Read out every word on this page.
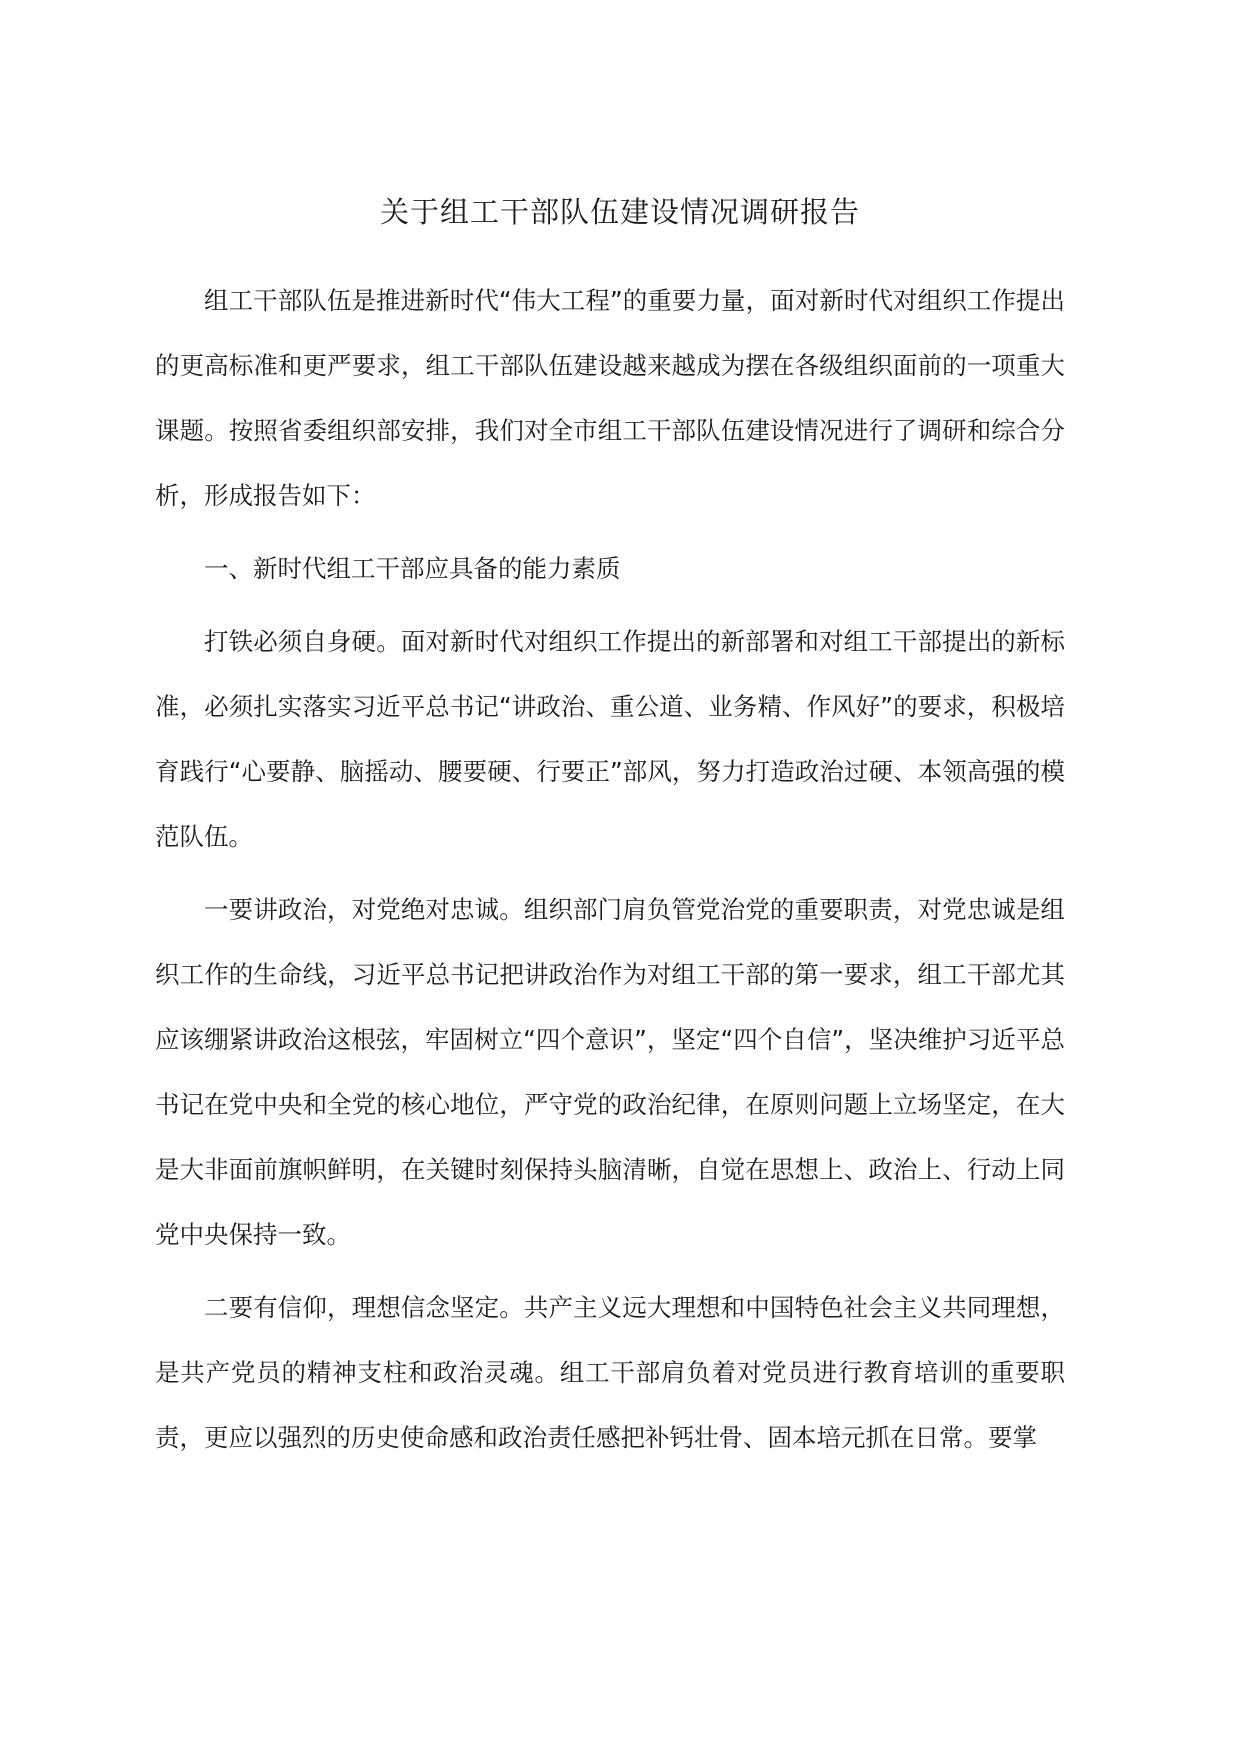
关于组工干部队伍建设情况调研报告

组工干部队伍是推进新时代“伟大工程”的重要力量，面对新时代对组织工作提出的更高标准和更严要求，组工干部队伍建设越来越成为摆在各级组织面前的一项重大课题。按照省委组织部安排，我们对全市组工干部队伍建设情况进行了调研和综合分析，形成报告如下：

一、新时代组工干部应具备的能力素质

打铁必须自身硬。面对新时代对组织工作提出的新部署和对组工干部提出的新标准，必须扎实落实习近平总书记“讲政治、重公道、业务精、作风好”的要求，积极培育践行“心要静、脑摇动、腰要硬、行要正”部风，努力打造政治过硬、本领高强的模范队伍。

一要讲政治，对党绝对忠诚。组织部门肩负管党治党的重要职责，对党忠诚是组织工作的生命线，习近平总书记把讲政治作为对组工干部的第一要求，组工干部尤其应该绷紧讲政治这根弦，牢固树立“四个意识”，坚定“四个自信”，坚决维护习近平总书记在党中央和全党的核心地位，严守党的政治纪律，在原则问题上立场坚定，在大是大非面前旗帜鲜明，在关键时刻保持头脑清晰，自觉在思想上、政治上、行动上同党中央保持一致。

二要有信仰，理想信念坚定。共产主义远大理想和中国特色社会主义共同理想，是共产党员的精神支柱和政治灵魂。组工干部肩负着对党员进行教育培训的重要职责，更应以强烈的历史使命感和政治责任感把补钙壮骨、固本培元抓在日常。要掌
